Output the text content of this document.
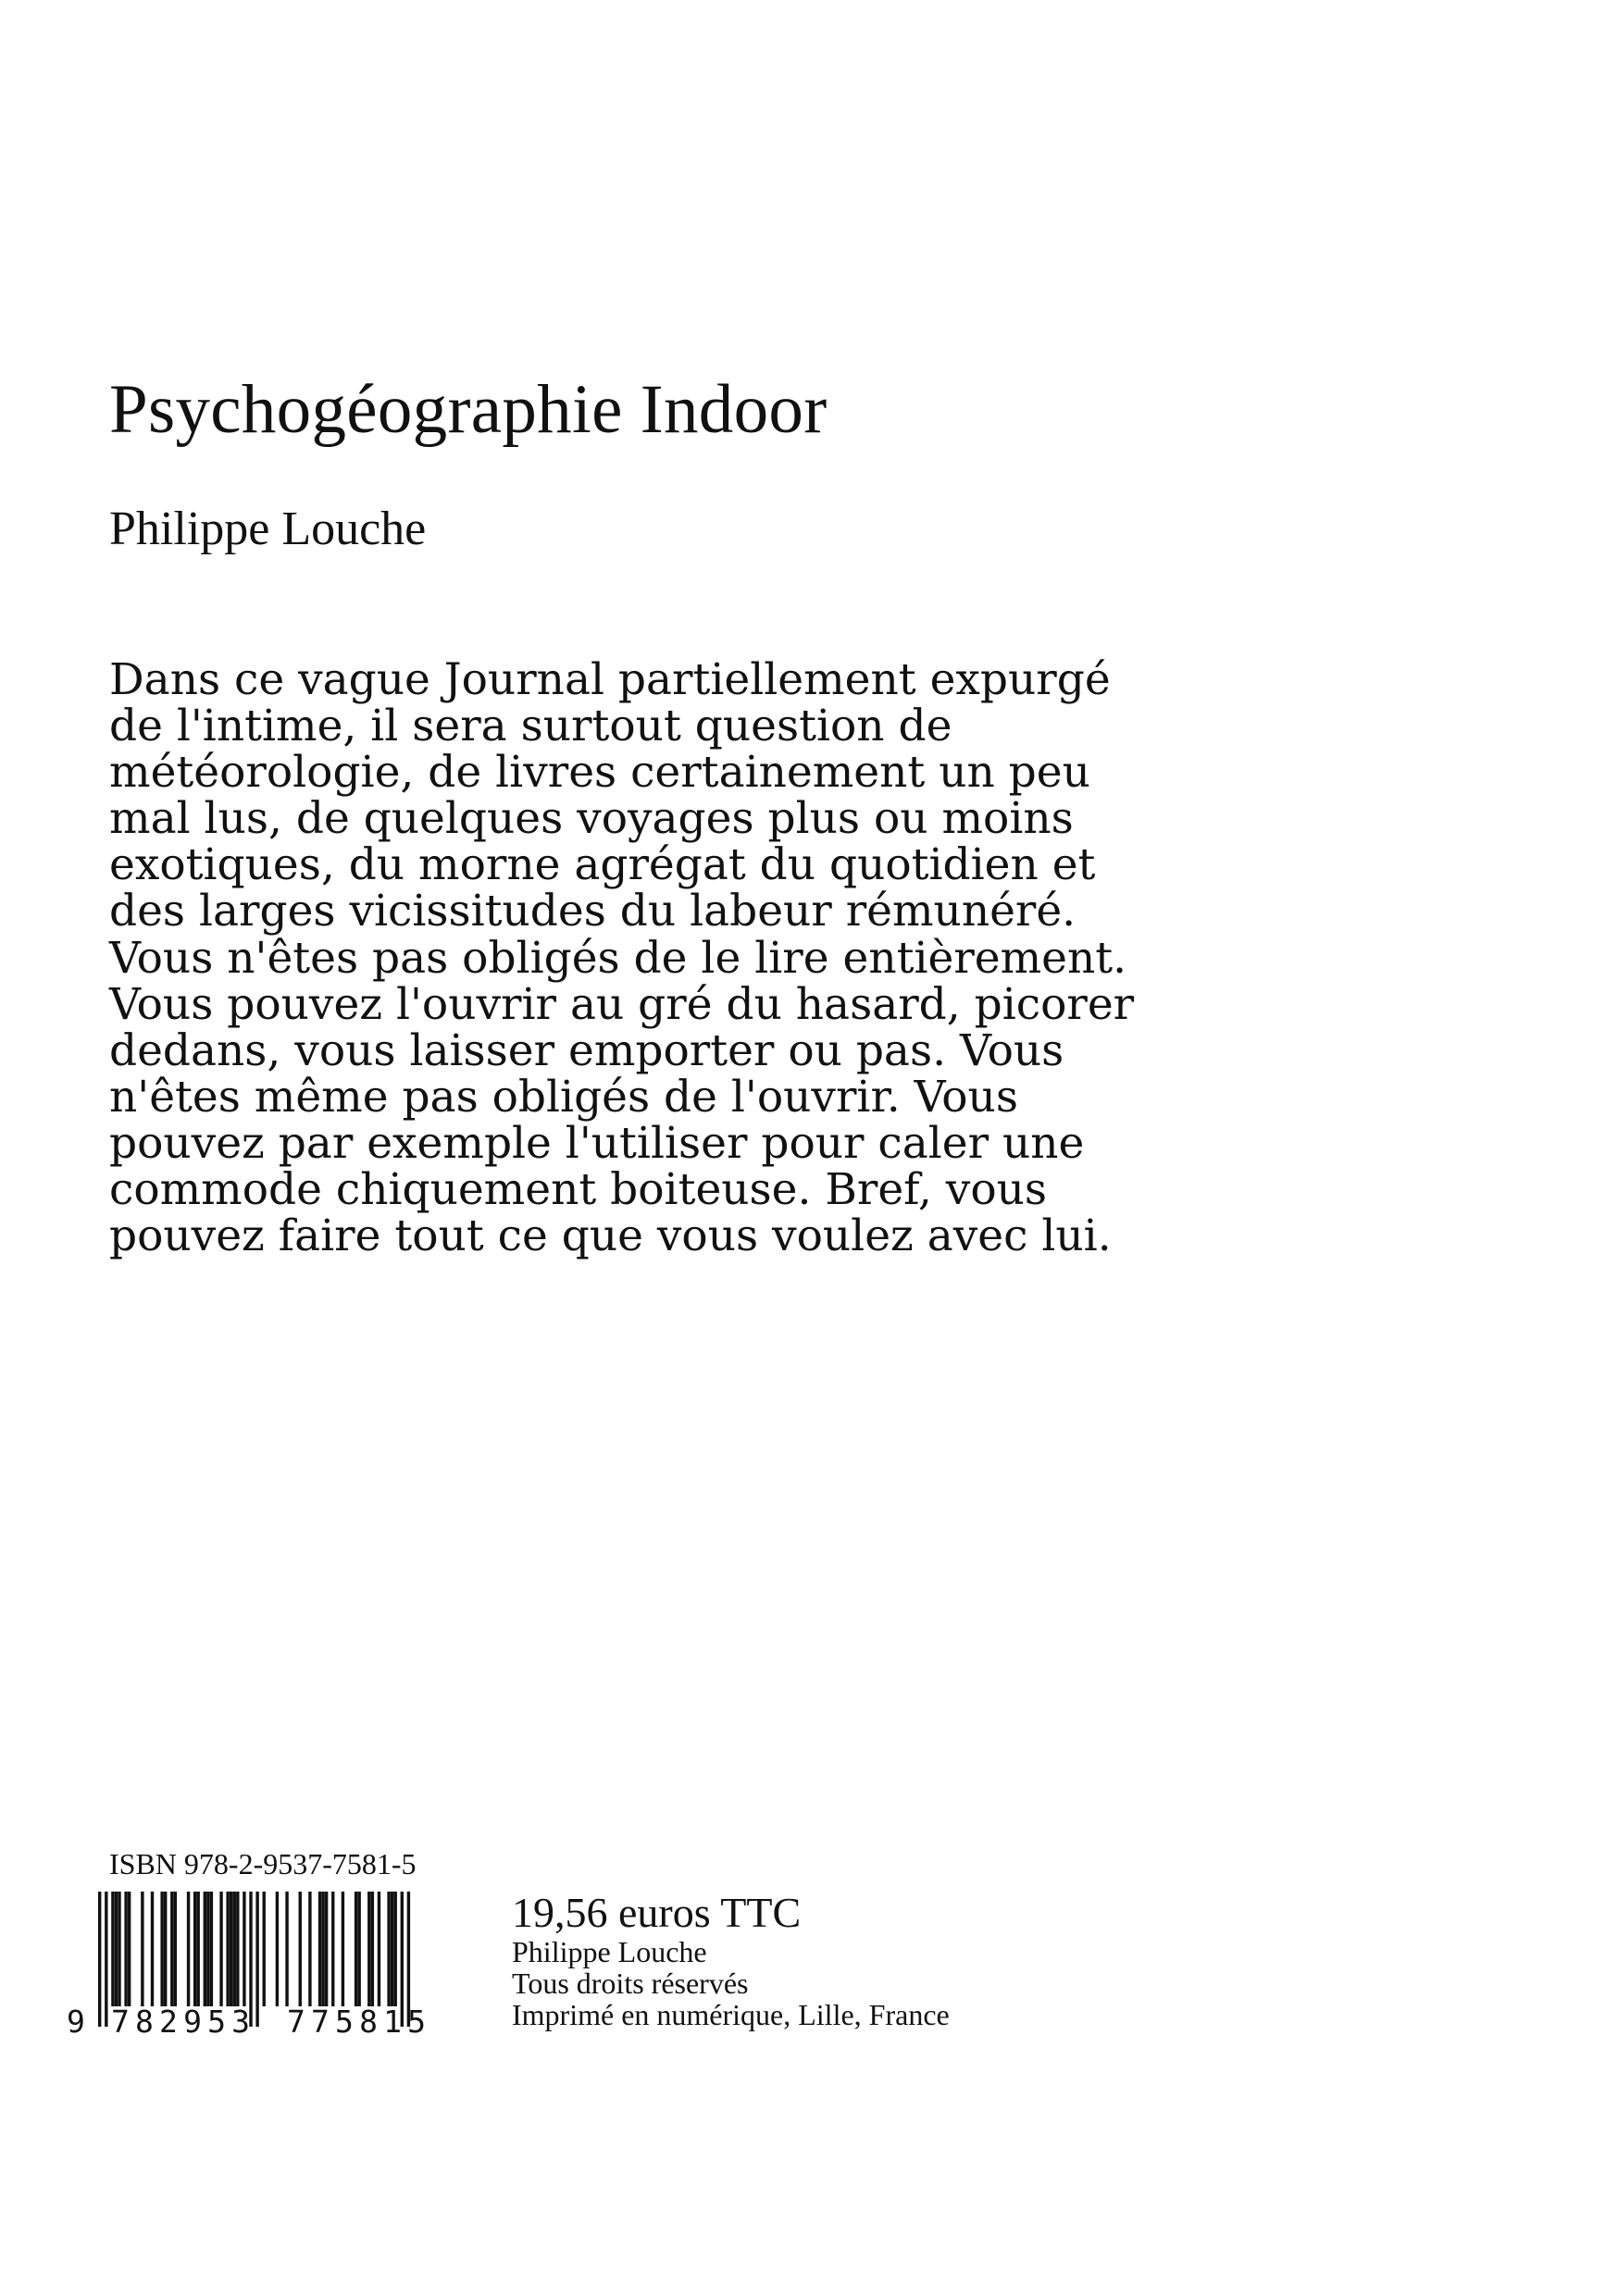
Psychogéographie Indoor

Philippe Louche

Dans ce vague Journal partiellement expurgé
de l'intime, il sera surtout question de
météorologie, de livres certainement un peu
mal lus, de quelques voyages plus ou moins
exotiques, du morne agrégat du quotidien et
des larges vicissitudes du labeur rémunéré.
Vous n'êtes pas obligés de le lire entièrement.
Vous pouvez l'ouvrir au gré du hasard, picorer
dedans, vous laisser emporter ou pas. Vous
n'êtes même pas obligés de l'ouvrir. Vous
pouvez par exemple l'utiliser pour caler une
commode chiquement boiteuse. Bref, vous
pouvez faire tout ce que vous voulez avec lui.

ISBN 978-2-9537-7581-5

9 782953 775815
19,56 euros TTC
Philippe Louche
Tous droits réservés
Imprimé en numérique, Lille, France
